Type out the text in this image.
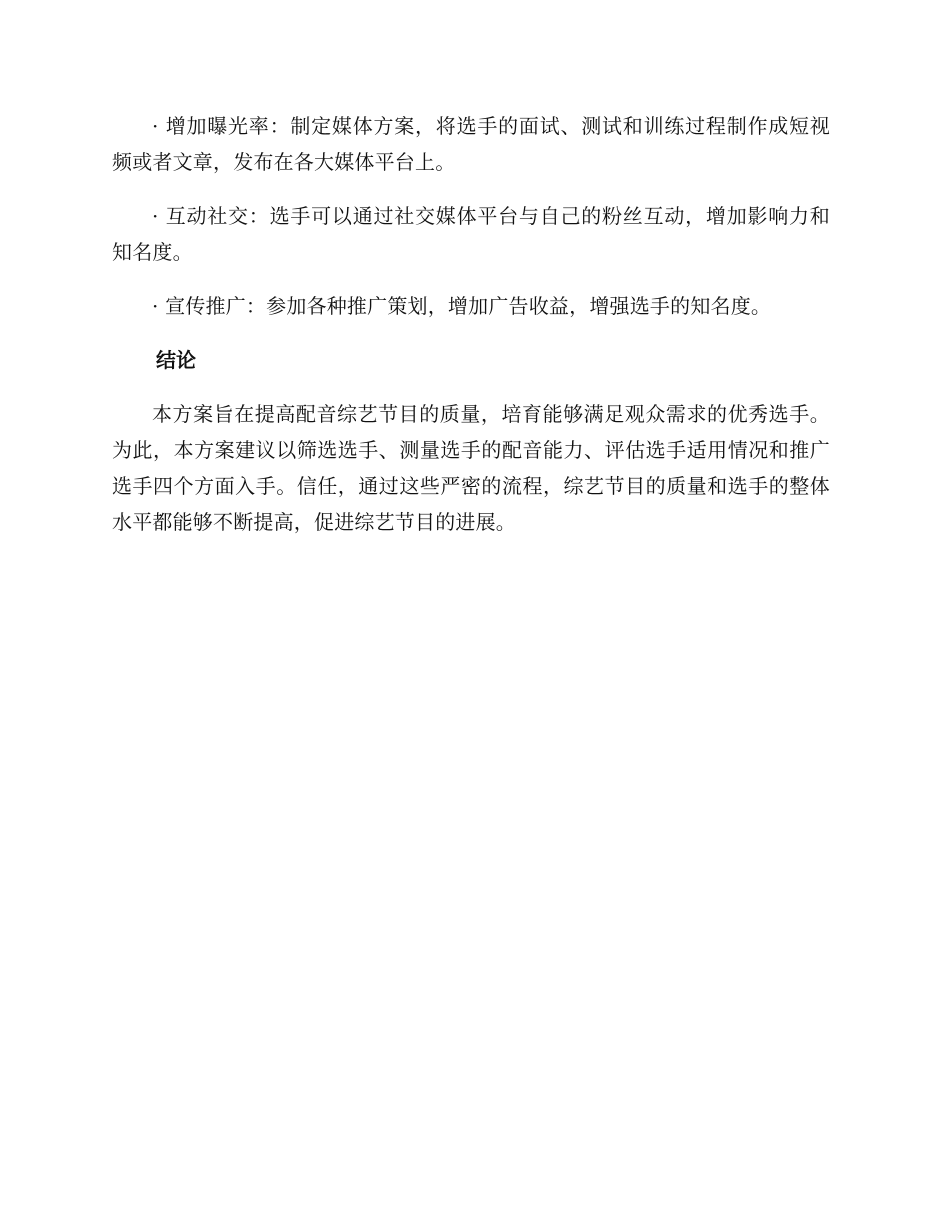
· 增加曝光率：制定媒体方案，将选手的面试、测试和训练过程制作成短视频或者文章，发布在各大媒体平台上。

· 互动社交：选手可以通过社交媒体平台与自己的粉丝互动，增加影响力和知名度。

· 宣传推广：参加各种推广策划，增加广告收益，增强选手的知名度。

结论

本方案旨在提高配音综艺节目的质量，培育能够满足观众需求的优秀选手。为此，本方案建议以筛选选手、测量选手的配音能力、评估选手适用情况和推广选手四个方面入手。信任，通过这些严密的流程，综艺节目的质量和选手的整体水平都能够不断提高，促进综艺节目的进展。
